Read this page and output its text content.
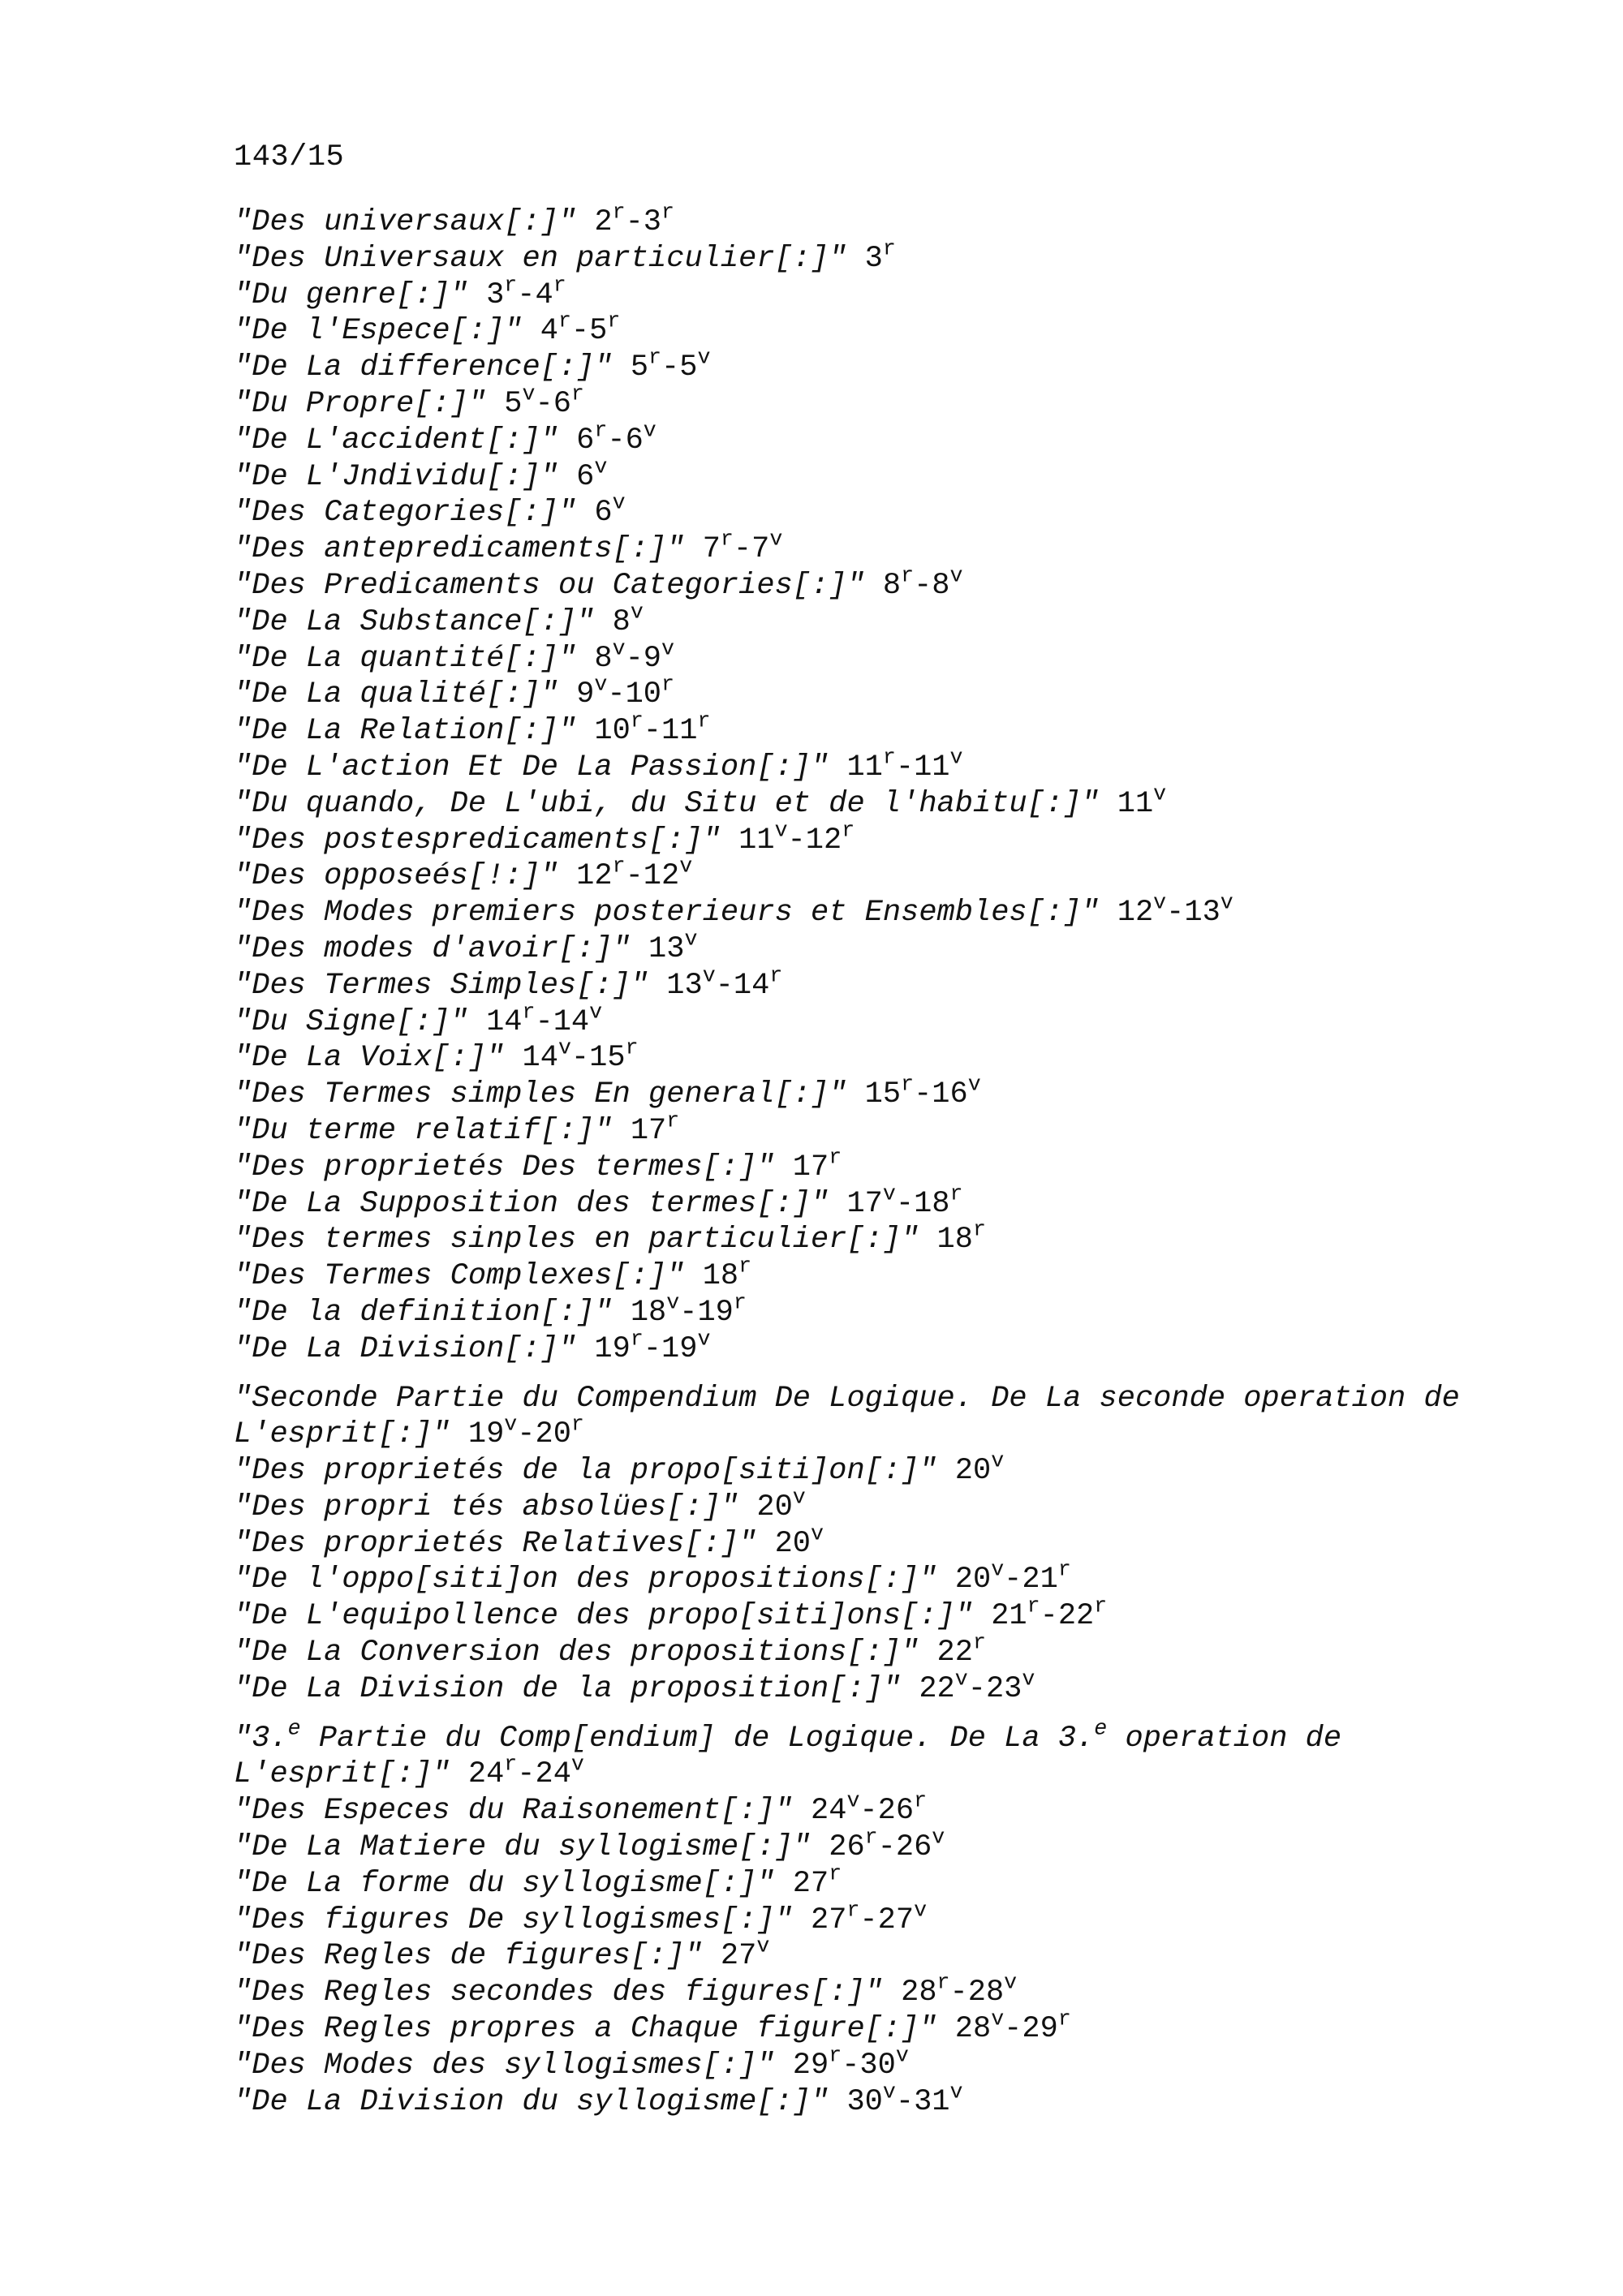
143/15
"Des universaux[:]" 2$^r$-3$^r$
"Des Universaux en particulier[:]" 3$^r$
"Du genre[:]" 3$^r$-4$^r$
"De l'Espece[:]" 4$^r$-5$^r$
"De La difference[:]" 5$^r$-5$^v$
"Du Propre[:]" 5$^v$-6$^r$
"De L'accident[:]" 6$^r$-6$^v$
"De L'Jndividu[:]" 6$^v$
"Des Categories[:]" 6$^v$
"Des antepredicaments[:]" 7$^r$-7$^v$
"Des Predicaments ou Categories[:]" 8$^r$-8$^v$
"De La Substance[:]" 8$^v$
"De La quantité[:]" 8$^v$-9$^v$
"De La qualité[:]" 9$^v$-10$^r$
"De La Relation[:]" 10$^r$-11$^r$
"De L'action Et De La Passion[:]" 11$^r$-11$^v$
"Du quando, De L'ubi, du Situ et de l'habitu[:]" 11$^v$
"Des postespredicaments[:]" 11$^v$-12$^r$
"Des opposeés[!:]" 12$^r$-12$^v$
"Des Modes premiers posterieurs et Ensembles[:]" 12$^v$-13$^v$
"Des modes d'avoir[:]" 13$^v$
"Des Termes Simples[:]" 13$^v$-14$^r$
"Du Signe[:]" 14$^r$-14$^v$
"De La Voix[:]" 14$^v$-15$^r$
"Des Termes simples En general[:]" 15$^r$-16$^v$
"Du terme relatif[:]" 17$^r$
"Des proprietés Des termes[:]" 17$^r$
"De La Supposition des termes[:]" 17$^v$-18$^r$
"Des termes sinples en particulier[:]" 18$^r$
"Des Termes Complexes[:]" 18$^r$
"De la definition[:]" 18$^v$-19$^r$
"De La Division[:]" 19$^r$-19$^v$
"Seconde Partie du Compendium De Logique. De La seconde operation de L'esprit[:]" 19$^v$-20$^r$
"Des proprietés de la propo[siti]on[:]" 20$^v$
"Des propri tés absolües[:]" 20$^v$
"Des proprietés Relatives[:]" 20$^v$
"De l'oppo[siti]on des propositions[:]" 20$^v$-21$^r$
"De L'equipollence des propo[siti]ons[:]" 21$^r$-22$^r$
"De La Conversion des propositions[:]" 22$^r$
"De La Division de la proposition[:]" 22$^v$-23$^v$
"3.$^e$ Partie du Comp[endium] de Logique. De La 3.$^e$ operation de L'esprit[:]" 24$^r$-24$^v$
"Des Especes du Raisonement[:]" 24$^v$-26$^r$
"De La Matiere du syllogisme[:]" 26$^r$-26$^v$
"De La forme du syllogisme[:]" 27$^r$
"Des figures De syllogismes[:]" 27$^r$-27$^v$
"Des Regles de figures[:]" 27$^v$
"Des Regles secondes des figures[:]" 28$^r$-28$^v$
"Des Regles propres a Chaque figure[:]" 28$^v$-29$^r$
"Des Modes des syllogismes[:]" 29$^r$-30$^v$
"De La Division du syllogisme[:]" 30$^v$-31$^v$
